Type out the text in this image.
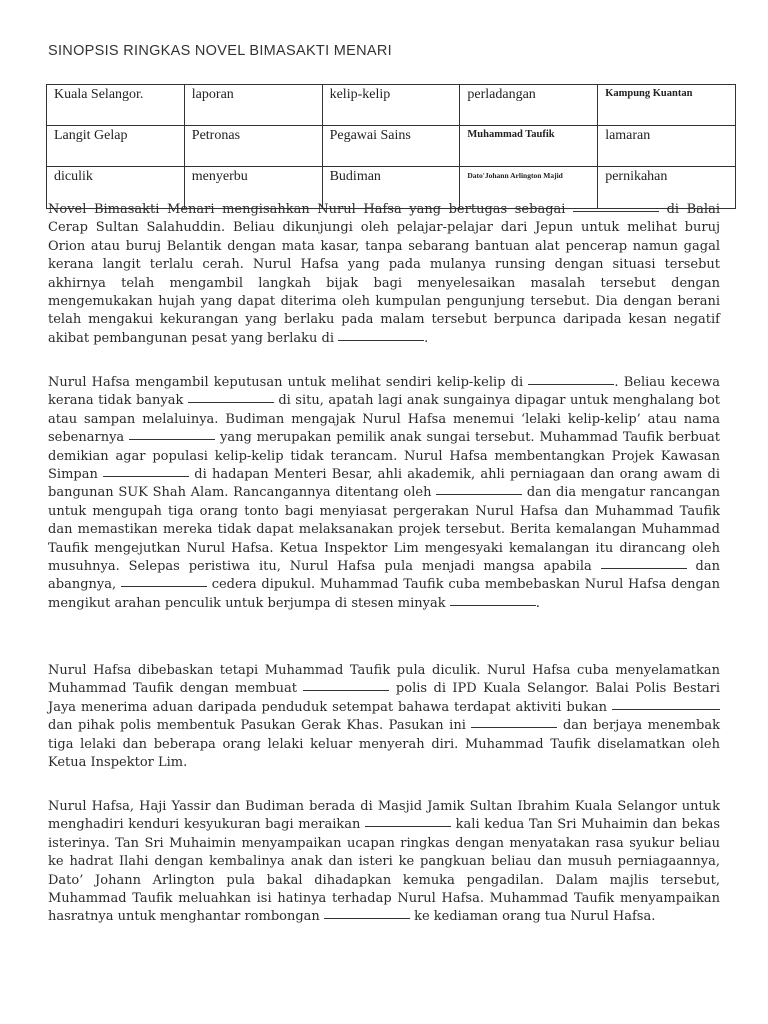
SINOPSIS RINGKAS NOVEL BIMASAKTI MENARI
Kuala Selangor.	laporan	kelip-kelip	perladangan	Kampung Kuantan
Langit Gelap	Petronas	Pegawai Sains	Muhammad Taufik	lamaran
diculik	menyerbu	Budiman	Dato'Johann Arlington Majid	pernikahan
Novel Bimasakti Menari mengisahkan Nurul Hafsa yang bertugas sebagai	di Balai Cerap Sultan Salahuddin. Beliau dikunjungi oleh pelajar-pelajar dari Jepun untuk melihat buruj Orion atau buruj Belantik dengan mata kasar, tanpa sebarang bantuan alat pencerap namun gagal kerana langit terlalu cerah. Nurul Hafsa yang pada mulanya runsing dengan situasi tersebut akhirnya telah mengambil langkah bijak bagi menyelesaikan masalah tersebut dengan mengemukakan hujah yang dapat diterima oleh kumpulan pengunjung tersebut. Dia dengan berani telah mengakui kekurangan yang berlaku pada malam tersebut berpunca daripada kesan negatif akibat pembangunan pesat yang berlaku di	.
Nurul Hafsa mengambil keputusan untuk melihat sendiri kelip-kelip di	. Beliau kecewa kerana tidak banyak	di situ, apatah lagi anak sungainya dipagar untuk menghalang bot atau sampan melaluinya. Budiman mengajak Nurul Hafsa menemui ‘lelaki kelip-kelip’ atau nama sebenarnya	yang merupakan pemilik anak sungai tersebut. Muhammad Taufik berbuat demikian agar populasi kelip-kelip tidak terancam. Nurul Hafsa membentangkan Projek Kawasan Simpan	di hadapan Menteri Besar, ahli akademik, ahli perniagaan dan orang awam di bangunan SUK Shah Alam. Rancangannya ditentang oleh	dan dia mengatur rancangan untuk mengupah tiga orang tonto bagi menyiasat pergerakan Nurul Hafsa dan Muhammad Taufik dan memastikan mereka tidak dapat melaksanakan projek tersebut. Berita kemalangan Muhammad Taufik mengejutkan Nurul Hafsa. Ketua Inspektor Lim mengesyaki kemalangan itu dirancang oleh musuhnya. Selepas peristiwa itu, Nurul Hafsa pula menjadi mangsa apabila	dan abangnya,	cedera dipukul. Muhammad Taufik cuba membebaskan Nurul Hafsa dengan mengikut arahan penculik untuk berjumpa di stesen minyak	.
Nurul Hafsa dibebaskan tetapi Muhammad Taufik pula diculik. Nurul Hafsa cuba menyelamatkan Muhammad Taufik dengan membuat	polis di IPD Kuala Selangor. Balai Polis Bestari Jaya menerima aduan daripada penduduk setempat bahawa terdapat aktiviti bukan  dan pihak polis membentuk Pasukan Gerak Khas. Pasukan ini	dan berjaya menembak tiga lelaki dan beberapa orang lelaki keluar menyerah diri. Muhammad Taufik diselamatkan oleh Ketua Inspektor Lim.
Nurul Hafsa, Haji Yassir dan Budiman berada di Masjid Jamik Sultan Ibrahim Kuala Selangor untuk menghadiri kenduri kesyukuran bagi meraikan	kali kedua Tan Sri Muhaimin dan bekas isterinya. Tan Sri Muhaimin menyampaikan ucapan ringkas dengan menyatakan rasa syukur beliau ke hadrat Ilahi dengan kembalinya anak dan isteri ke pangkuan beliau dan musuh perniagaannya, Dato’ Johann Arlington pula bakal dihadapkan kemuka pengadilan. Dalam majlis tersebut, Muhammad Taufik meluahkan isi hatinya terhadap Nurul Hafsa. Muhammad Taufik menyampaikan hasratnya untuk menghantar rombongan	ke kediaman orang tua Nurul Hafsa.
